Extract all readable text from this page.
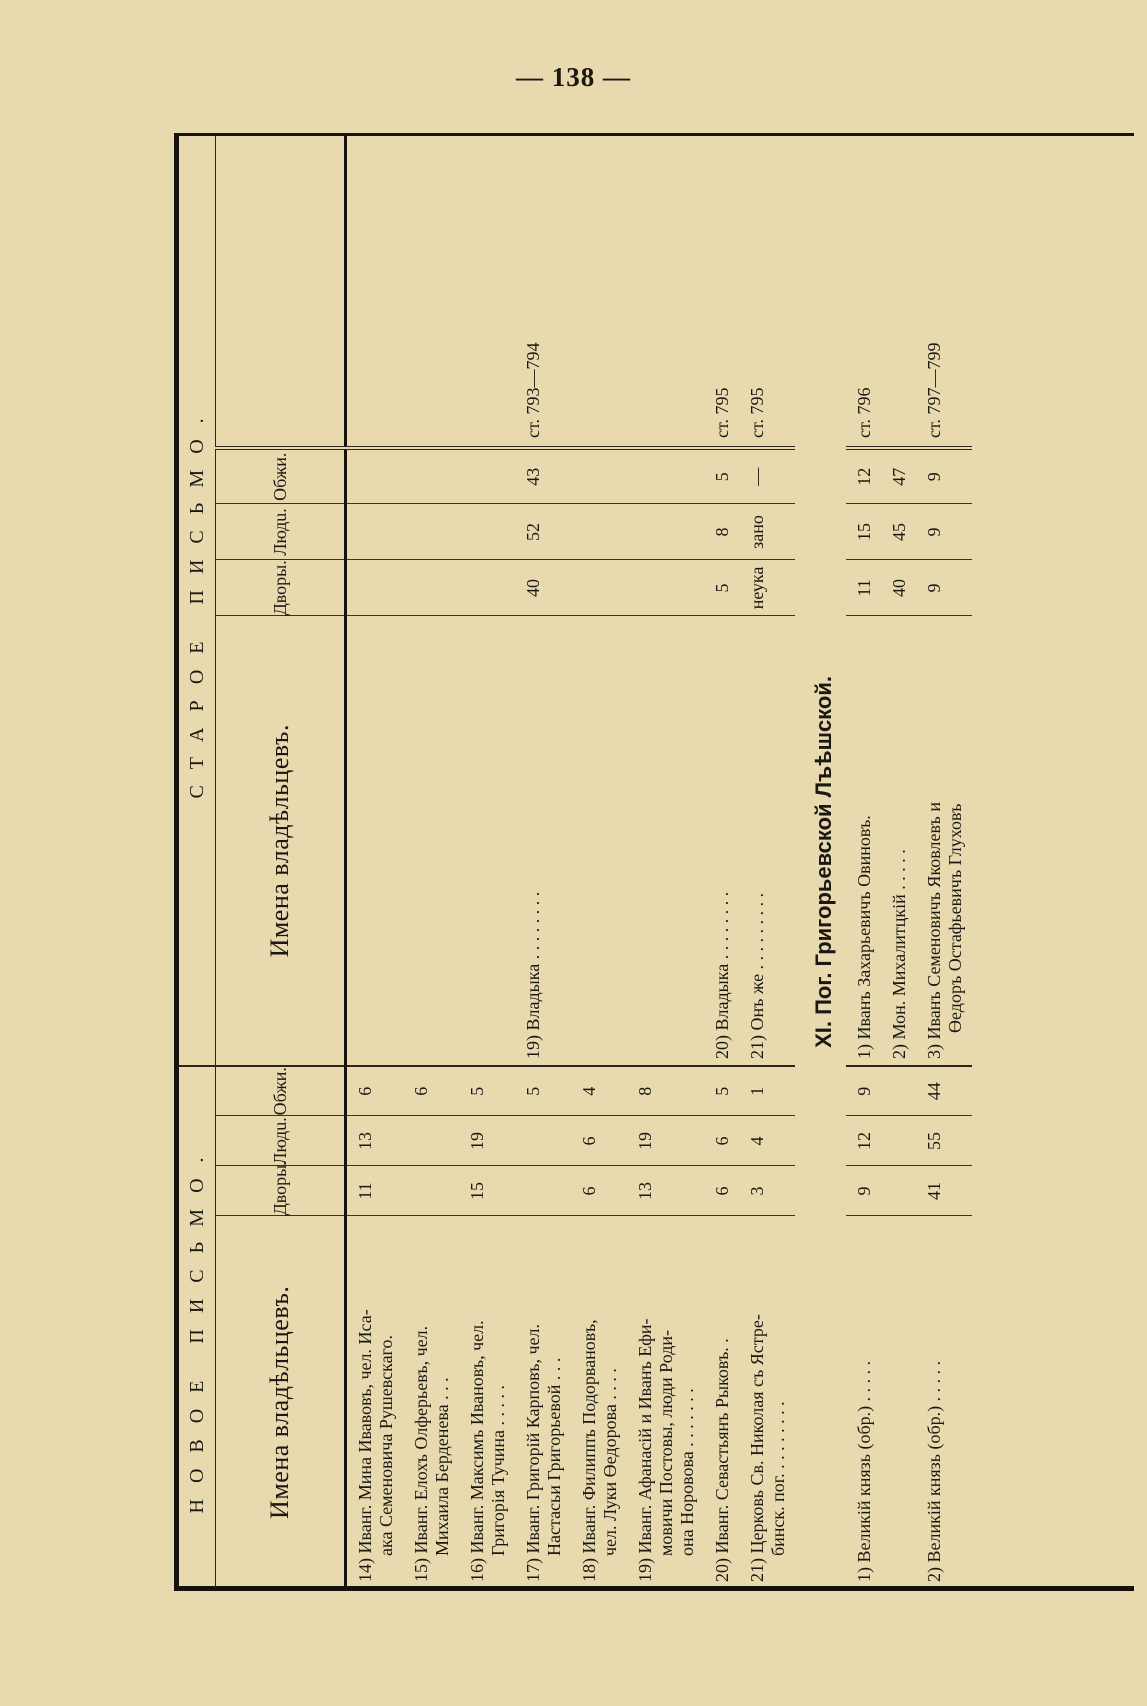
— 138 —
НОВОЕ ПИСЬМО.				СТАРОЕ ПИСЬМО.				
Имена владѣльцевъ.	Двоpы.	Людu.	Обжи.	Имена владѣльцевъ.	Двоpы.	Людu.	Обжи.	
14) Иванг. Мина Ивавовъ, чел. Иса-
ака Семеновича Рушевскаго.	11	13	6					
15) Иванг. Елохъ Олферьевъ, чел.
Михаила Берденева . . .			6					
16) Иванг. Максимъ Ивановъ, чел.
Григорія Тучина . . . . .	15	19	5					
17) Иванг. Григорій Карповъ, чел.
Настасьи Григорьевой . . .			5	19) Владыка . . . . . . . .	40	52	43	ст. 793—794
18) Иванг. Филиппъ Подорвановъ,
чел. Луки Өедорова . . . .	6	6	4					
19) Иванг. Афанасій и Иванъ Ефи-
мовичи Постовы, люди Роди-
она Норовова . . . . . . .	13	19	8					
20) Иванг. Севастьянъ Рыковъ. .	6	6	5	20) Владыка . . . . . . . .	5	8	5	ст. 795
21) Церковь Св. Николая съ Ястре-
бинск. пог. . . . . . . . .	3	4	1	21) Онъ же . . . . . . . . .	неука	зано	—	ст. 795
XI. Пог. Григорьевской Лъѣшской.								
1) Великій князь (обр.) . . . . .	9	12	9	1) Иванъ Захарьевичъ Овиновъ.	11	15	12	ст. 796
				2) Мон. Михалитцкій . . . . .	40	45	47	
2) Великій князь (обр.) . . . . .	41	55	44	3) Иванъ Семеновичъ Яковлевъ и
Өедоръ Остафьевичъ Глуховъ	9	9	9	ст. 797—799
